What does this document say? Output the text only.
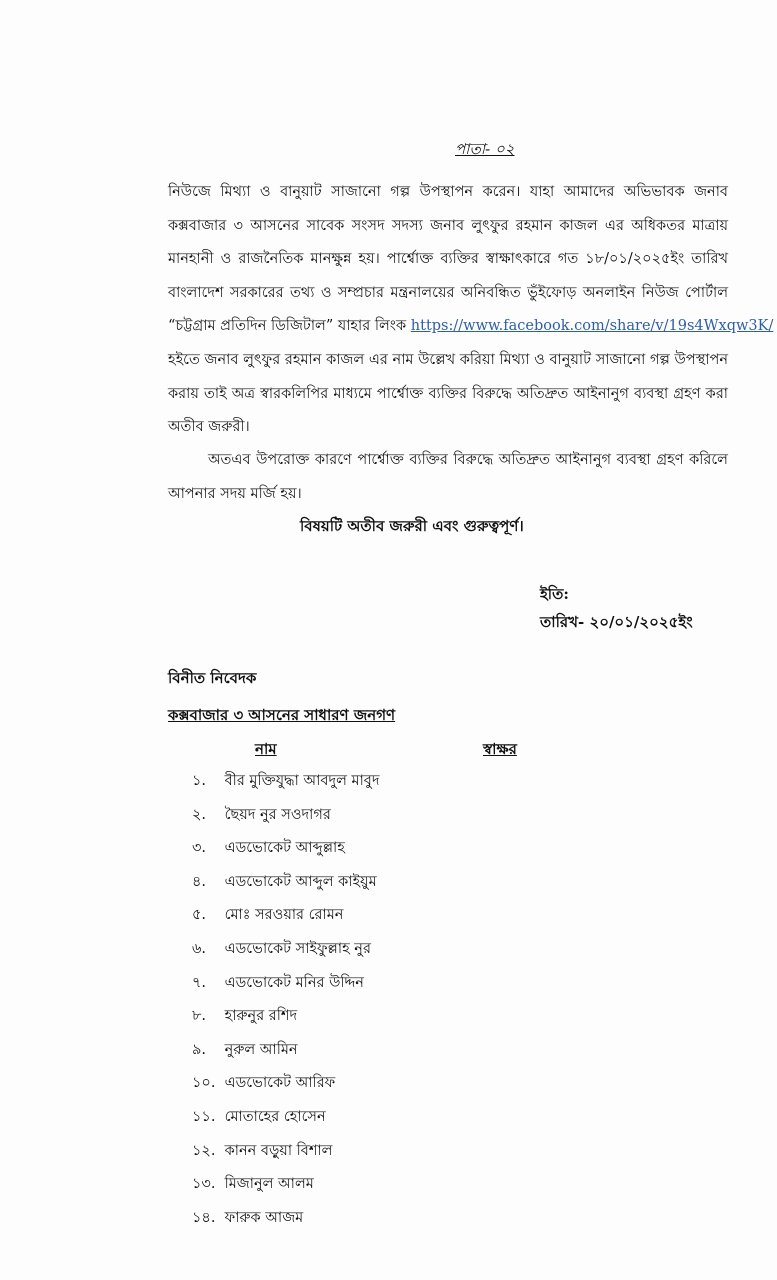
পাতা- ০২
নিউজে মিথ্যা ও বানুয়াট সাজানো গল্প উপস্থাপন করেন। যাহা আমাদের অভিভাবক জনাব
কক্সবাজার ৩ আসনের সাবেক সংসদ সদস্য জনাব লুৎফুর রহমান কাজল এর অধিকতর মাত্রায়
মানহানী ও রাজনৈতিক মানক্ষুন্ন হয়। পার্শ্বোক্ত ব্যক্তির স্বাক্ষাৎকারে গত ১৮/০১/২০২৫ইং তারিখ
বাংলাদেশ সরকারের তথ্য ও সম্প্রচার মন্ত্রনালয়ের অনিবন্ধিত ভুঁইফোড় অনলাইন নিউজ পোর্টাল
“চট্টগ্রাম প্রতিদিন ডিজিটাল” যাহার লিংক https://www.facebook.com/share/v/19s4Wxqw3K/
হইতে জনাব লুৎফুর রহমান কাজল এর নাম উল্লেখ করিয়া মিথ্যা ও বানুয়াট সাজানো গল্প উপস্থাপন
করায় তাই অত্র স্বারকলিপির মাধ্যমে পার্শ্বোক্ত ব্যক্তির বিরুদ্ধে অতিদ্রুত আইনানুগ ব্যবস্থা গ্রহণ করা
অতীব জরুরী।
অতএব উপরোক্ত কারণে পার্শ্বোক্ত ব্যক্তির বিরুদ্ধে অতিদ্রুত আইনানুগ ব্যবস্থা গ্রহণ করিলে
আপনার সদয় মর্জি হয়।
বিষয়টি অতীব জরুরী এবং গুরুত্বপূর্ণ।
ইতি:
তারিখ- ২০/০১/২০২৫ইং
বিনীত নিবেদক
কক্সবাজার ৩ আসনের সাধারণ জনগণ
নাম	স্বাক্ষর
১. বীর মুক্তিযুদ্ধা আবদুল মাবুদ
২. ছৈয়দ নুর সওদাগর
৩. এডভোকেট আব্দুল্লাহ
৪. এডভোকেট আব্দুল কাইয়ুম
৫. মোঃ সরওয়ার রোমন
৬. এডভোকেট সাইফুল্লাহ নুর
৭. এডভোকেট মনির উদ্দিন
৮. হারুনুর রশিদ
৯. নুরুল আমিন
১০. এডভোকেট আরিফ
১১. মোতাহের হোসেন
১২. কানন বড়ুয়া বিশাল
১৩. মিজানুল আলম
১৪. ফারুক আজম
